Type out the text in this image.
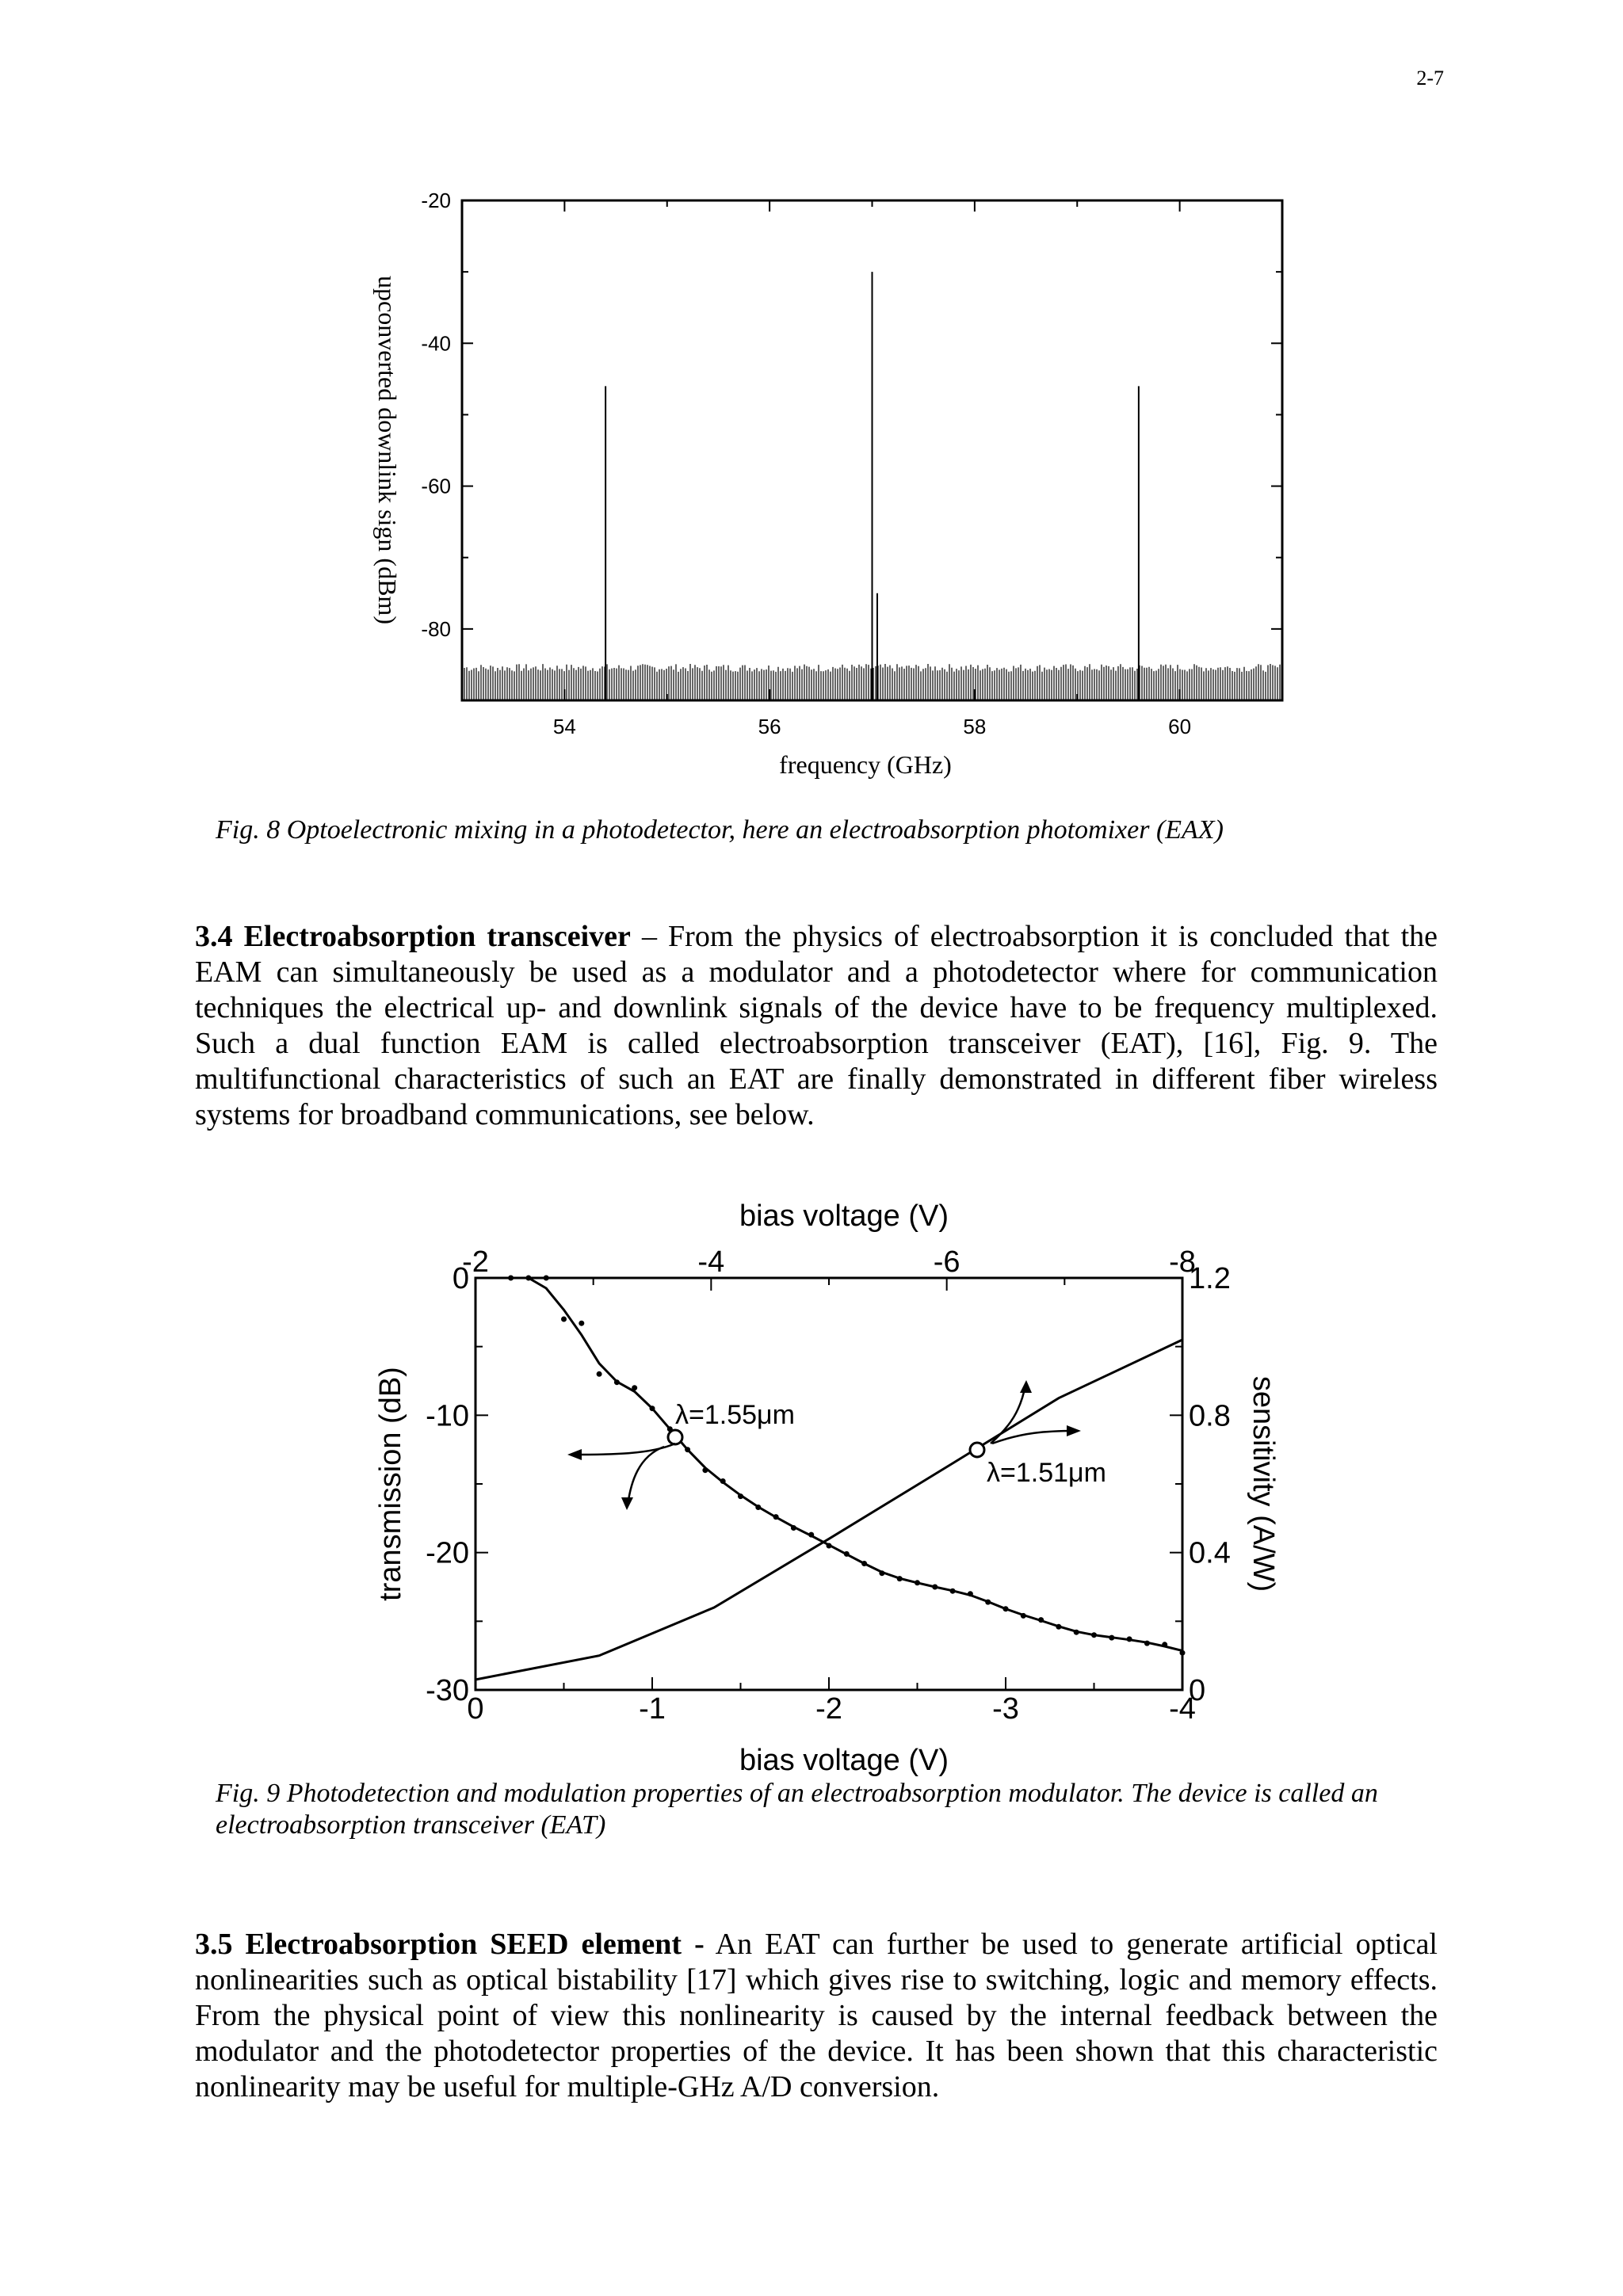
2-7
-20
-40
-60
-80
54	56	58	60
frequency (GHz)
upconverted downlink sign (dBm)
Fig. 8 Optoelectronic mixing in a photodetector, here an electroabsorption photomixer (EAX)
3.4 Electroabsorption transceiver – From the physics of electroabsorption it is concluded that the EAM can simultaneously be used as a modulator and a photodetector where for communication techniques the electrical up- and downlink signals of the device have to be frequency multiplexed. Such a dual function EAM is called electroabsorption transceiver (EAT), [16], Fig. 9. The multifunctional characteristics of such an EAT are finally demonstrated in different fiber wireless systems for broadband communications, see below.
0	-1	-2	-3	-4
-2	-4	-6	-8
0
-10
-20
-30
1.2
0.8
0.4
0
λ=1.55μm
λ=1.51μm
bias voltage (V)
bias voltage (V)
transmission (dB)	sensitivity (A/W)
Fig. 9 Photodetection and modulation properties of an electroabsorption modulator. The device is called an electroabsorption transceiver (EAT)
3.5 Electroabsorption SEED element - An EAT can further be used to generate artificial optical nonlinearities such as optical bistability [17] which gives rise to switching, logic and memory effects. From the physical point of view this nonlinearity is caused by the internal feedback between the modulator and the photodetector properties of the device. It has been shown that this characteristic nonlinearity may be useful for multiple-GHz A/D conversion.
